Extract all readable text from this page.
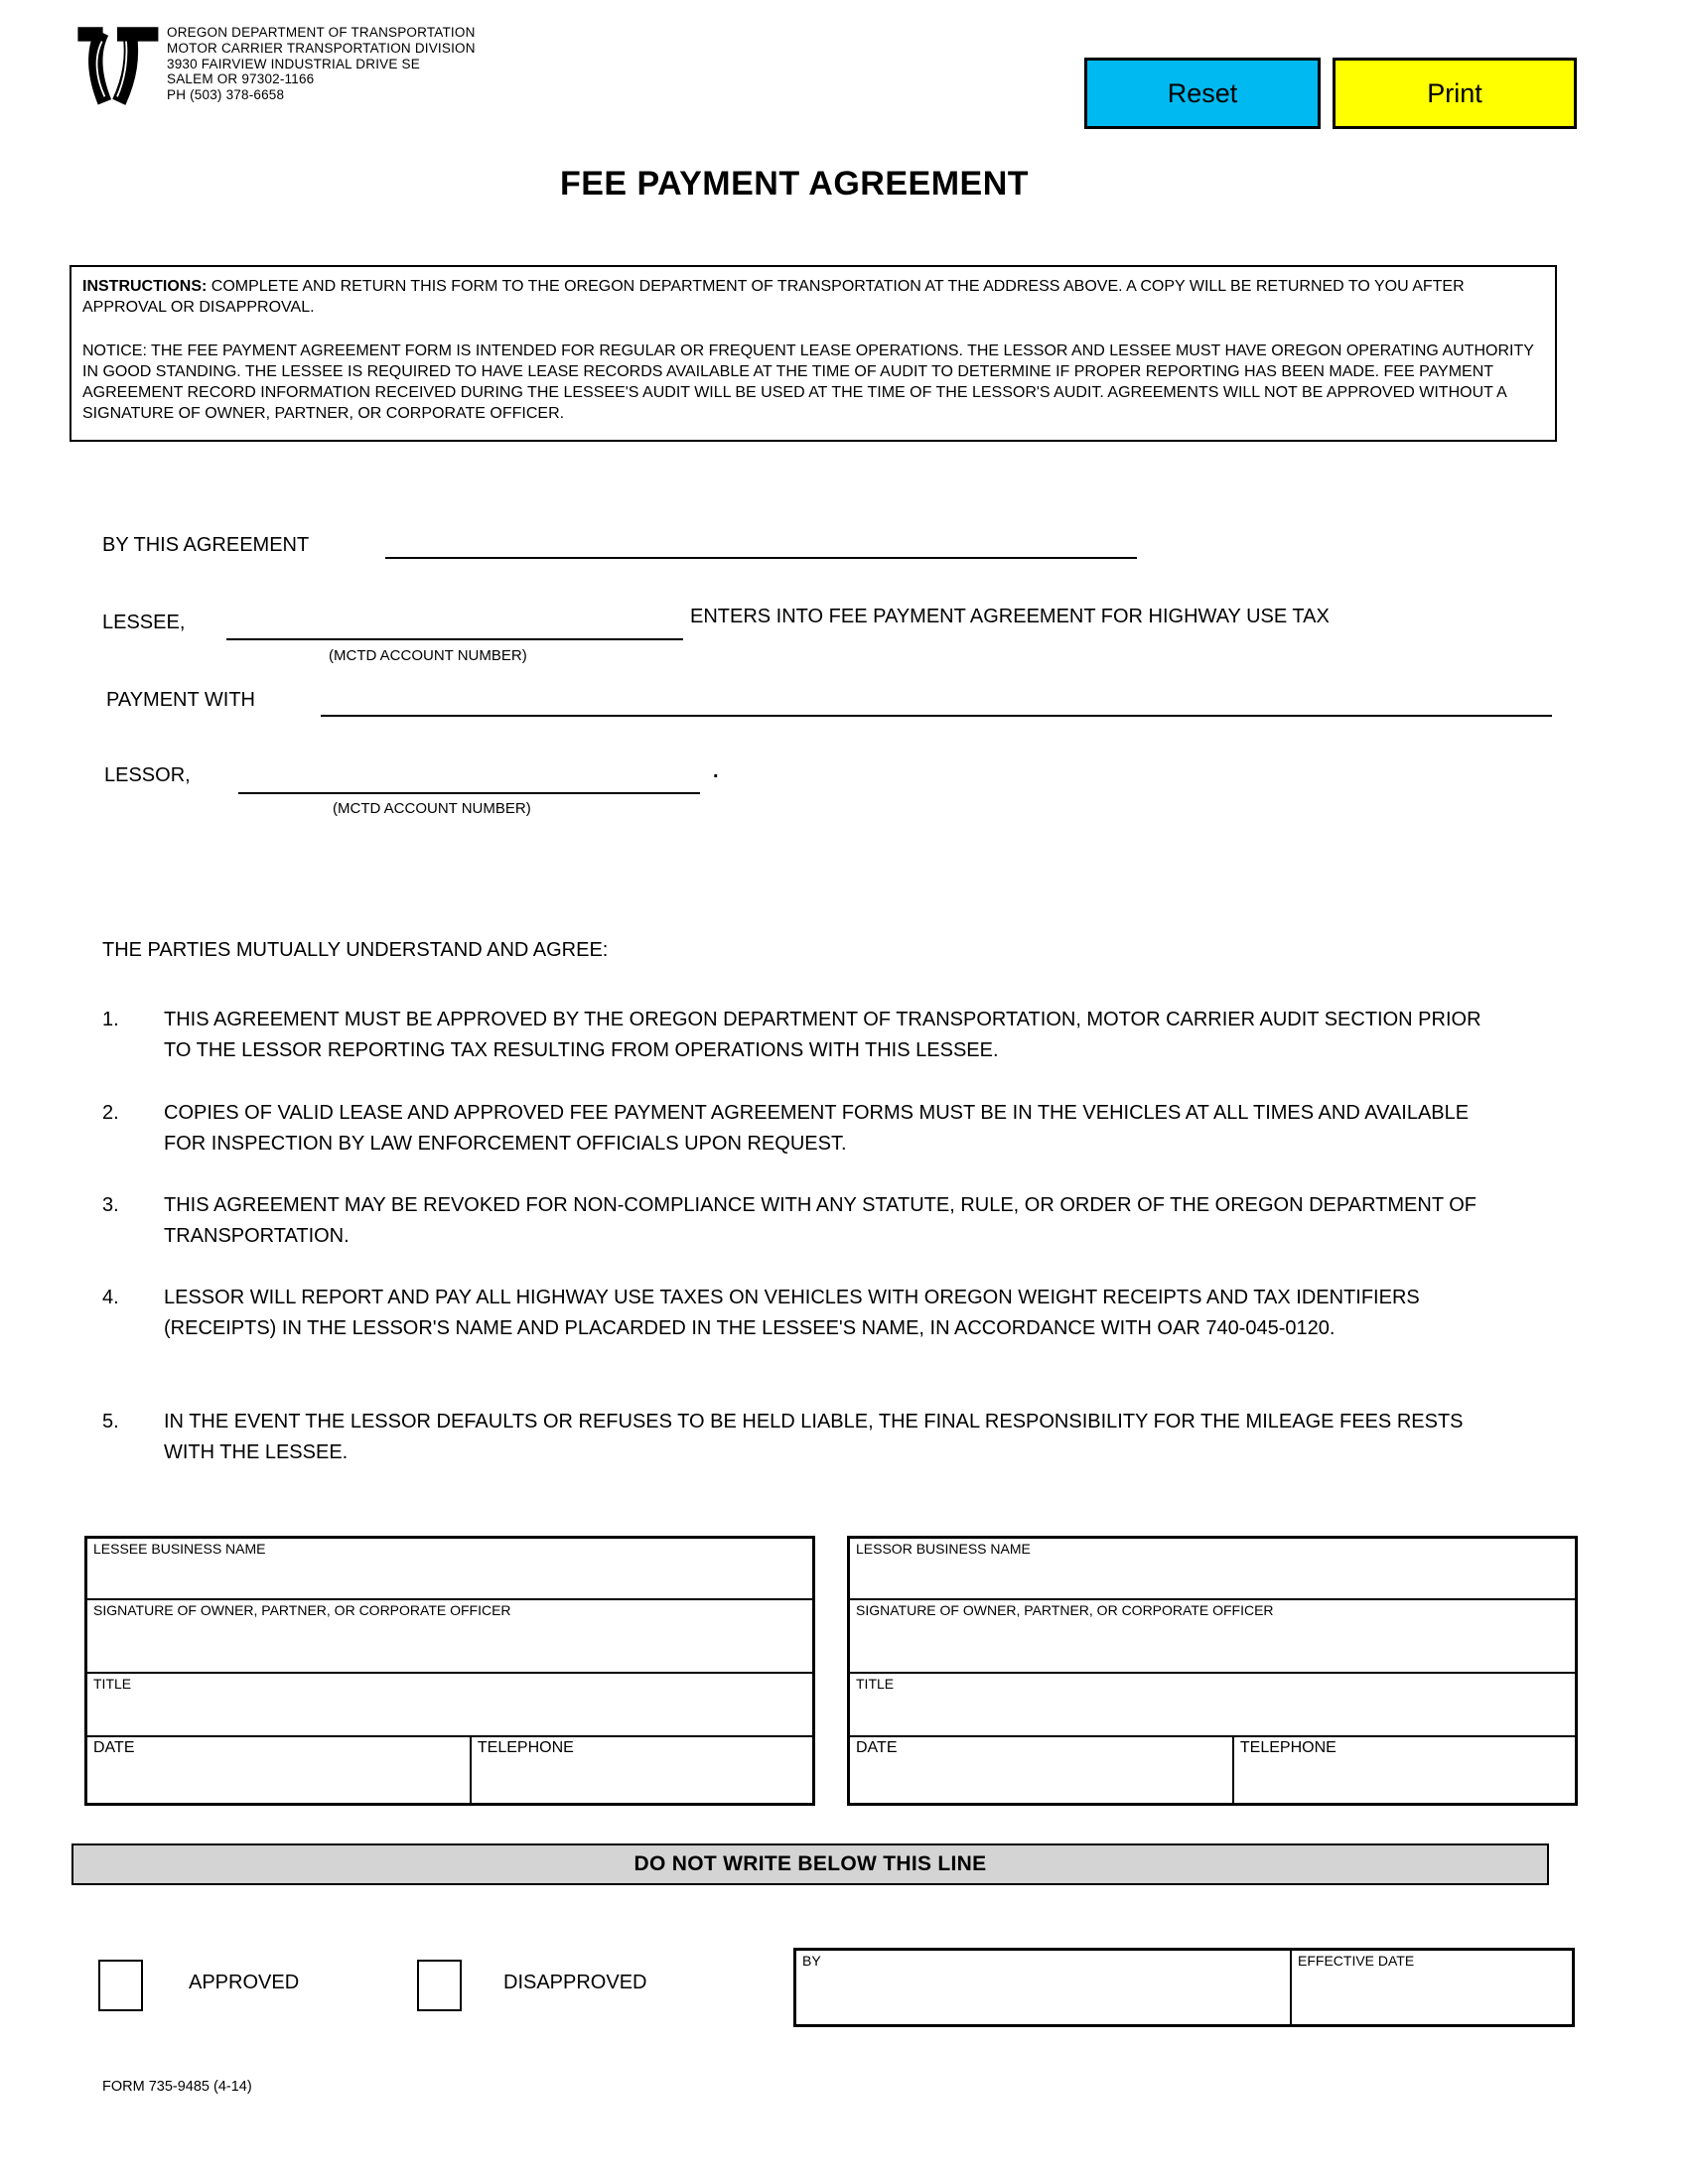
OREGON DEPARTMENT OF TRANSPORTATION
MOTOR CARRIER TRANSPORTATION DIVISION
3930 FAIRVIEW INDUSTRIAL DRIVE SE
SALEM OR 97302-1166
PH (503) 378-6658	Reset	Print
FEE PAYMENT AGREEMENT

INSTRUCTIONS: COMPLETE AND RETURN THIS FORM TO THE OREGON DEPARTMENT OF TRANSPORTATION AT THE ADDRESS ABOVE. A COPY WILL BE RETURNED TO YOU AFTER APPROVAL OR DISAPPROVAL.

NOTICE: THE FEE PAYMENT AGREEMENT FORM IS INTENDED FOR REGULAR OR FREQUENT LEASE OPERATIONS. THE LESSOR AND LESSEE MUST HAVE OREGON OPERATING AUTHORITY IN GOOD STANDING. THE LESSEE IS REQUIRED TO HAVE LEASE RECORDS AVAILABLE AT THE TIME OF AUDIT TO DETERMINE IF PROPER REPORTING HAS BEEN MADE. FEE PAYMENT AGREEMENT RECORD INFORMATION RECEIVED DURING THE LESSEE'S AUDIT WILL BE USED AT THE TIME OF THE LESSOR'S AUDIT. AGREEMENTS WILL NOT BE APPROVED WITHOUT A SIGNATURE OF OWNER, PARTNER, OR CORPORATE OFFICER.

BY THIS AGREEMENT
LESSEE,
(MCTD ACCOUNT NUMBER)
ENTERS INTO FEE PAYMENT AGREEMENT FOR HIGHWAY USE TAX
PAYMENT WITH
LESSOR,	.
(MCTD ACCOUNT NUMBER)
THE PARTIES MUTUALLY UNDERSTAND AND AGREE:
1.	THIS AGREEMENT MUST BE APPROVED BY THE OREGON DEPARTMENT OF TRANSPORTATION, MOTOR CARRIER AUDIT SECTION PRIOR TO THE LESSOR REPORTING TAX RESULTING FROM OPERATIONS WITH THIS LESSEE.
2.	COPIES OF VALID LEASE AND APPROVED FEE PAYMENT AGREEMENT FORMS MUST BE IN THE VEHICLES AT ALL TIMES AND AVAILABLE FOR INSPECTION BY LAW ENFORCEMENT OFFICIALS UPON REQUEST.
3.	THIS AGREEMENT MAY BE REVOKED FOR NON-COMPLIANCE WITH ANY STATUTE, RULE, OR ORDER OF THE OREGON DEPARTMENT OF TRANSPORTATION.
4.	LESSOR WILL REPORT AND PAY ALL HIGHWAY USE TAXES ON VEHICLES WITH OREGON WEIGHT RECEIPTS AND TAX IDENTIFIERS (RECEIPTS) IN THE LESSOR'S NAME AND PLACARDED IN THE LESSEE'S NAME, IN ACCORDANCE WITH OAR 740-045-0120.
5.	IN THE EVENT THE LESSOR DEFAULTS OR REFUSES TO BE HELD LIABLE, THE FINAL RESPONSIBILITY FOR THE MILEAGE FEES RESTS WITH THE LESSEE.
LESSEE BUSINESS NAME
SIGNATURE OF OWNER, PARTNER, OR CORPORATE OFFICER
TITLE
DATE	TELEPHONE
LESSOR BUSINESS NAME
SIGNATURE OF OWNER, PARTNER, OR CORPORATE OFFICER
TITLE
DATE	TELEPHONE
DO NOT WRITE BELOW THIS LINE
APPROVED	DISAPPROVED
BY	EFFECTIVE DATE
FORM 735-9485 (4-14)
